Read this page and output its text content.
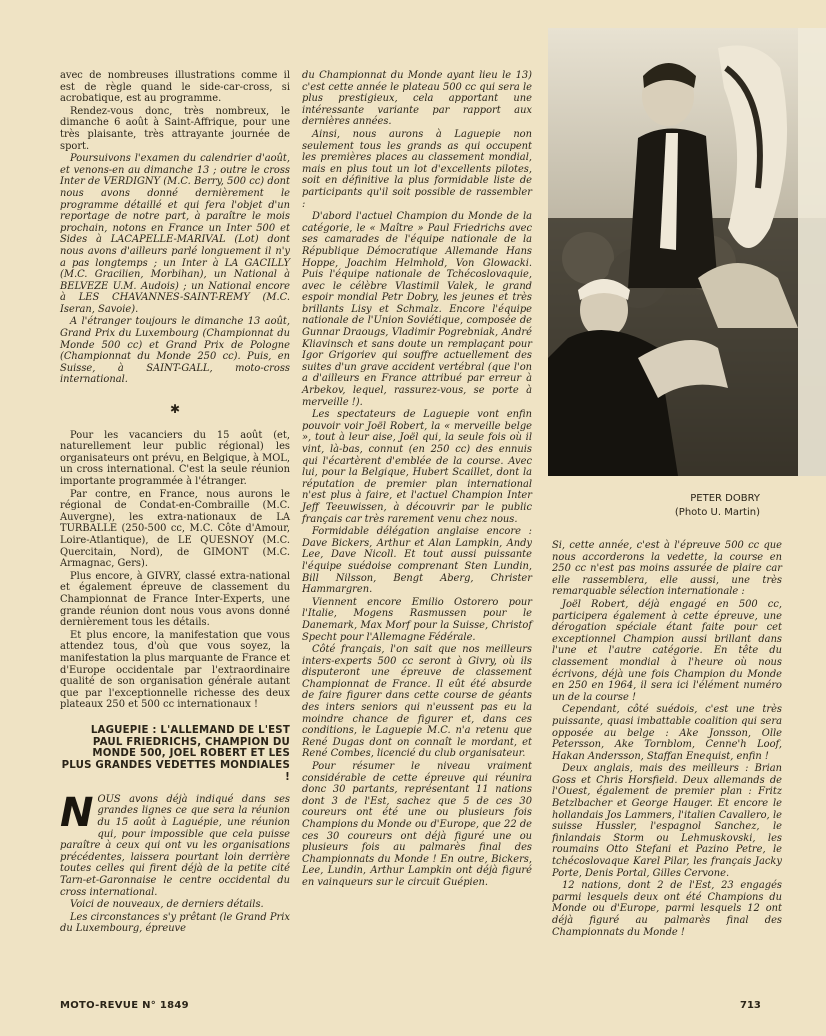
avec de nombreuses illustrations comme il est de règle quand le side-car-cross, si acrobatique, est au programme.

Rendez-vous donc, très nombreux, le dimanche 6 août à Saint-Affrique, pour une très plaisante, très attrayante journée de sport.

Poursuivons l'examen du calendrier d'août, et venons-en au dimanche 13 ; outre le cross Inter de VERDIGNY (M.C. Berry, 500 cc) dont nous avons donné dernièrement le programme détaillé et qui fera l'objet d'un reportage de notre part, à paraître le mois prochain, notons en France un Inter 500 et Sides à LACAPELLE-MARIVAL (Lot) dont nous avons d'ailleurs parlé longuement il n'y a pas longtemps ; un Inter à LA GACILLY (M.C. Gracilien, Morbihan), un National à BELVEZE U.M. Audois) ; un National encore à LES CHAVANNES-SAINT-REMY (M.C. Iseran, Savoie).

A l'étranger toujours le dimanche 13 août, Grand Prix du Luxembourg (Championnat du Monde 500 cc) et Grand Prix de Pologne (Championnat du Monde 250 cc). Puis, en Suisse, à SAINT-GALL, moto-cross international.

✱

Pour les vacanciers du 15 août (et, naturellement leur public régional) les organisateurs ont prévu, en Belgique, à MOL, un cross international. C'est la seule réunion importante programmée à l'étranger.

Par contre, en France, nous aurons le régional de Condat-en-Combraille (M.C. Auvergne), les extra-nationaux de LA TURBALLE (250-500 cc, M.C. Côte d'Amour, Loire-Atlantique), de LE QUESNOY (M.C. Quercitain, Nord), de GIMONT (M.C. Armagnac, Gers).

Plus encore, à GIVRY, classé extra-national et également épreuve de classement du Championnat de France Inter-Experts, une grande réunion dont nous vous avons donné dernièrement tous les détails.

Et plus encore, la manifestation que vous attendez tous, d'où que vous soyez, la manifestation la plus marquante de France et d'Europe occidentale par l'extraordinaire qualité de son organisation générale autant que par l'exceptionnelle richesse des deux plateaux 250 et 500 cc internationaux !

LAGUEPIE : L'ALLEMAND DE L'EST PAUL FRIEDRICHS, CHAMPION DU MONDE 500, JOEL ROBERT ET LES PLUS GRANDES VEDETTES MONDIALES !

NOUS avons déjà indiqué dans ses grandes lignes ce que sera la réunion du 15 août à Laguépie, une réunion qui, pour impossible que cela puisse paraître à ceux qui ont vu les organisations précédentes, laissera pourtant loin derrière toutes celles qui firent déjà de la petite cité Tarn-et-Garonnaise le centre occidental du cross international.

Voici de nouveaux, de derniers détails.

Les circonstances s'y prêtant (le Grand Prix du Luxembourg, épreuve

du Championnat du Monde ayant lieu le 13) c'est cette année le plateau 500 cc qui sera le plus prestigieux, cela apportant une intéressante variante par rapport aux dernières années.

Ainsi, nous aurons à Laguepie non seulement tous les grands as qui occupent les premières places au classement mondial, mais en plus tout un lot d'excellents pilotes, soit en définitive la plus formidable liste de participants qu'il soit possible de rassembler :

D'abord l'actuel Champion du Monde de la catégorie, le « Maître » Paul Friedrichs avec ses camarades de l'équipe nationale de la République Démocratique Allemande Hans Hoppe, Joachim Helmhold, Von Glowacki. Puis l'équipe nationale de Tchécoslovaquie, avec le célèbre Vlastimil Valek, le grand espoir mondial Petr Dobry, les jeunes et très brillants Lisy et Schmalz. Encore l'équipe nationale de l'Union Soviétique, composée de Gunnar Draougs, Vladimir Pogrebniak, André Kliavinsch et sans doute un remplaçant pour Igor Grigoriev qui souffre actuellement des suites d'un grave accident vertébral (que l'on a d'ailleurs en France attribué par erreur à Arbekov, lequel, rassurez-vous, se porte à merveille !).

Les spectateurs de Laguepie vont enfin pouvoir voir Joël Robert, la « merveille belge », tout à leur aise, Joël qui, la seule fois où il vint, là-bas, connut (en 250 cc) des ennuis qui l'écartèrent d'emblée de la course. Avec lui, pour la Belgique, Hubert Scaillet, dont la réputation de premier plan international n'est plus à faire, et l'actuel Champion Inter Jeff Teeuwissen, à découvrir par le public français car très rarement venu chez nous.

Formidable délégation anglaise encore : Dave Bickers, Arthur et Alan Lampkin, Andy Lee, Dave Nicoll. Et tout aussi puissante l'équipe suédoise comprenant Sten Lundin, Bill Nilsson, Bengt Aberg, Christer Hammargren.

Viennent encore Emilio Ostorero pour l'Italie, Mogens Rasmussen pour le Danemark, Max Morf pour la Suisse, Christof Specht pour l'Allemagne Fédérale.

Côté français, l'on sait que nos meilleurs inters-experts 500 cc seront à Givry, où ils disputeront une épreuve de classement Championnat de France. Il eût été absurde de faire figurer dans cette course de géants des inters seniors qui n'eussent pas eu la moindre chance de figurer et, dans ces conditions, le Laguepie M.C. n'a retenu que René Dugas dont on connaît le mordant, et René Combes, licencié du club organisateur.

Pour résumer le niveau vraiment considérable de cette épreuve qui réunira donc 30 partants, représentant 11 nations dont 3 de l'Est, sachez que 5 de ces 30 coureurs ont été une ou plusieurs fois Champions du Monde ou d'Europe, que 22 de ces 30 coureurs ont déjà figuré une ou plusieurs fois au palmarès final des Championnats du Monde ! En outre, Bickers, Lee, Lundin, Arthur Lampkin ont déjà figuré en vainqueurs sur le circuit Guépien.

PETER DOBRY
(Photo U. Martin)

Si, cette année, c'est à l'épreuve 500 cc que nous accorderons la vedette, la course en 250 cc n'est pas moins assurée de plaire car elle rassemblera, elle aussi, une très remarquable sélection internationale :

Joël Robert, déjà engagé en 500 cc, participera également à cette épreuve, une dérogation spéciale étant faite pour cet exceptionnel Champion aussi brillant dans l'une et l'autre catégorie. En tête du classement mondial à l'heure où nous écrivons, déjà une fois Champion du Monde en 250 en 1964, il sera ici l'élément numéro un de la course !

Cependant, côté suédois, c'est une très puissante, quasi imbattable coalition qui sera opposée au belge : Ake Jonsson, Olle Petersson, Ake Tornblom, Cenne'h Loof, Hakan Andersson, Staffan Enequist, enfin !

Deux anglais, mais des meilleurs : Brian Goss et Chris Horsfield. Deux allemands de l'Ouest, également de premier plan : Fritz Betzlbacher et George Hauger. Et encore le hollandais Jos Lammers, l'italien Cavallero, le suisse Hussler, l'espagnol Sanchez, le finlandais Storm ou Lehmuskovski, les roumains Otto Stefani et Pazino Petre, le tchécoslovaque Karel Pilar, les français Jacky Porte, Denis Portal, Gilles Cervone.

12 nations, dont 2 de l'Est, 23 engagés parmi lesquels deux ont été Champions du Monde ou d'Europe, parmi lesquels 12 ont déjà figuré au palmarès final des Championnats du Monde !

MOTO-REVUE N° 1849	713
